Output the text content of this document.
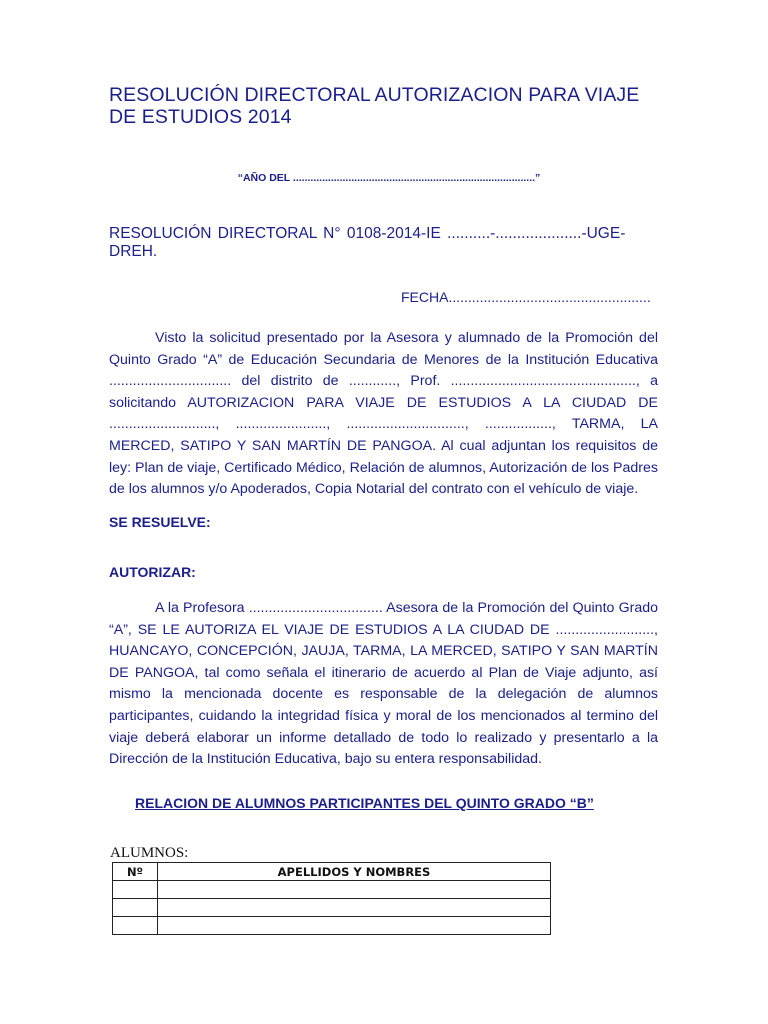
RESOLUCIÓN DIRECTORAL AUTORIZACION PARA VIAJE DE ESTUDIOS 2014
“AÑO DEL ...................................................................................”
RESOLUCIÓN DIRECTORAL N° 0108-2014-IE ..........-....................-UGE-DREH.
FECHA....................................................
Visto la solicitud presentado por la Asesora y alumnado de la Promoción del Quinto Grado “A” de Educación Secundaria de Menores de la Institución Educativa ............................... del distrito de ............, Prof. ..............................................., a solicitando AUTORIZACION PARA VIAJE DE ESTUDIOS A LA CIUDAD DE ..........................., ......................., .............................., ................., TARMA, LA MERCED, SATIPO Y SAN MARTÍN DE PANGOA. Al cual adjuntan los requisitos de ley: Plan de viaje, Certificado Médico, Relación de alumnos, Autorización de los Padres de los alumnos y/o Apoderados, Copia Notarial del contrato con el vehículo de viaje.
SE RESUELVE:
AUTORIZAR:
A la Profesora .................................. Asesora de la Promoción del Quinto Grado “A”, SE LE AUTORIZA EL VIAJE DE ESTUDIOS A LA CIUDAD DE ........................., HUANCAYO, CONCEPCIÓN, JAUJA, TARMA, LA MERCED, SATIPO Y SAN MARTÍN DE PANGOA, tal como señala el itinerario de acuerdo al Plan de Viaje adjunto, así mismo la mencionada docente es responsable de la delegación de alumnos participantes, cuidando la integridad física y moral de los mencionados al termino del viaje deberá elaborar un informe detallado de todo lo realizado y presentarlo a la Dirección de la Institución Educativa, bajo su entera responsabilidad.
RELACION DE ALUMNOS PARTICIPANTES DEL QUINTO GRADO “B”
ALUMNOS:
Nº	APELLIDOS Y NOMBRES
